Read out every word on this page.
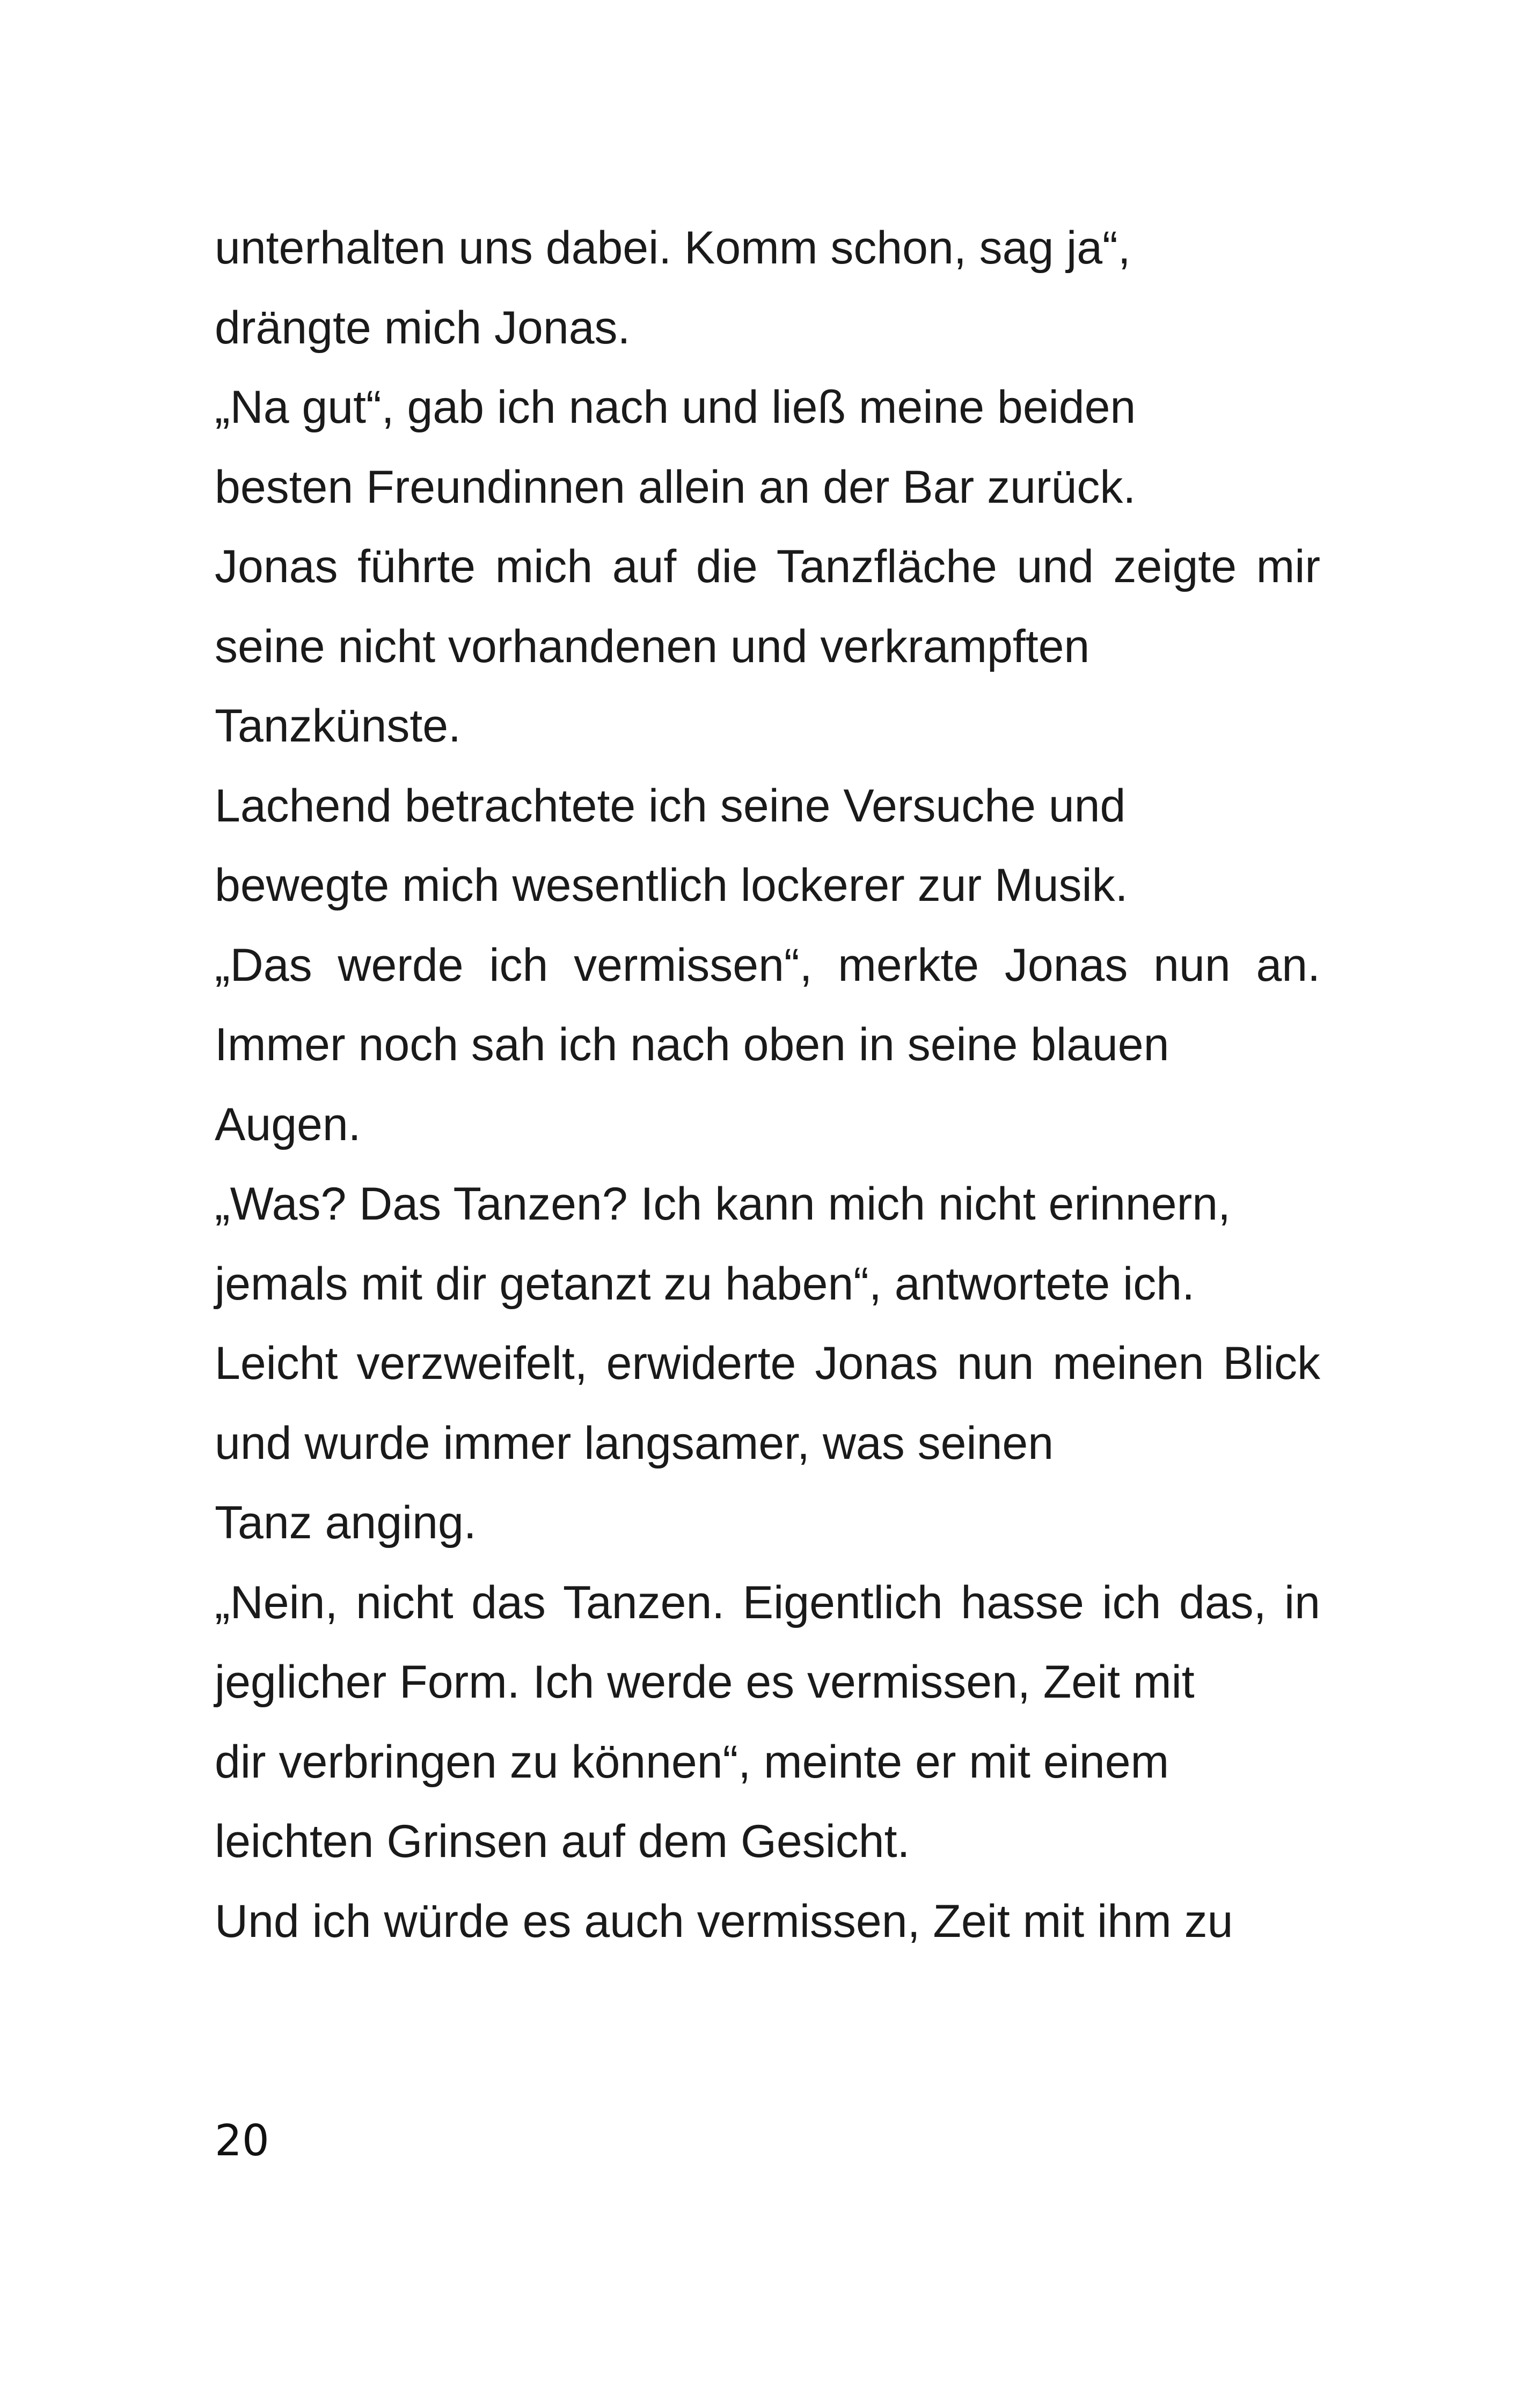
unterhalten uns dabei. Komm schon, sag ja“,
drängte mich Jonas.
„Na gut“, gab ich nach und ließ meine beiden
besten Freundinnen allein an der Bar zurück.
Jonas führte mich auf die Tanzfläche und zeigte mir
seine nicht vorhandenen und verkrampften
Tanzkünste.
Lachend betrachtete ich seine Versuche und
bewegte mich wesentlich lockerer zur Musik.
„Das werde ich vermissen“, merkte Jonas nun an.
Immer noch sah ich nach oben in seine blauen
Augen.
„Was? Das Tanzen? Ich kann mich nicht erinnern,
jemals mit dir getanzt zu haben“, antwortete ich.
Leicht verzweifelt, erwiderte Jonas nun meinen Blick
und wurde immer langsamer, was seinen
Tanz anging.
„Nein, nicht das Tanzen. Eigentlich hasse ich das, in
jeglicher Form. Ich werde es vermissen, Zeit mit
dir verbringen zu können“, meinte er mit einem
leichten Grinsen auf dem Gesicht.
Und ich würde es auch vermissen, Zeit mit ihm zu
20
